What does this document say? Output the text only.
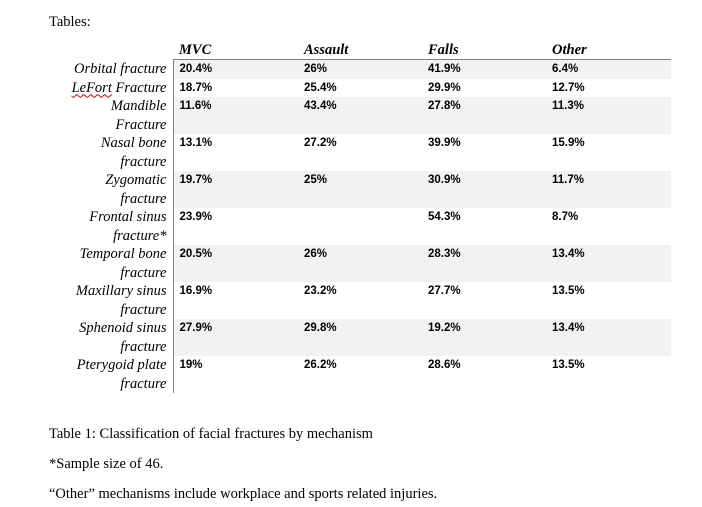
Tables:
	MVC	Assault	Falls	Other
Orbital fracture	20.4%	26%	41.9%	6.4%
LeFort Fracture	18.7%	25.4%	29.9%	12.7%
Mandible
Fracture	11.6%	43.4%	27.8%	11.3%
Nasal bone
fracture	13.1%	27.2%	39.9%	15.9%
Zygomatic
fracture	19.7%	25%	30.9%	11.7%
Frontal sinus
fracture*	23.9%		54.3%	8.7%
Temporal bone
fracture	20.5%	26%	28.3%	13.4%
Maxillary sinus
fracture	16.9%	23.2%	27.7%	13.5%
Sphenoid sinus
fracture	27.9%	29.8%	19.2%	13.4%
Pterygoid plate
fracture	19%	26.2%	28.6%	13.5%
Table 1: Classification of facial fractures by mechanism
*Sample size of 46.
“Other” mechanisms include workplace and sports related injuries.
